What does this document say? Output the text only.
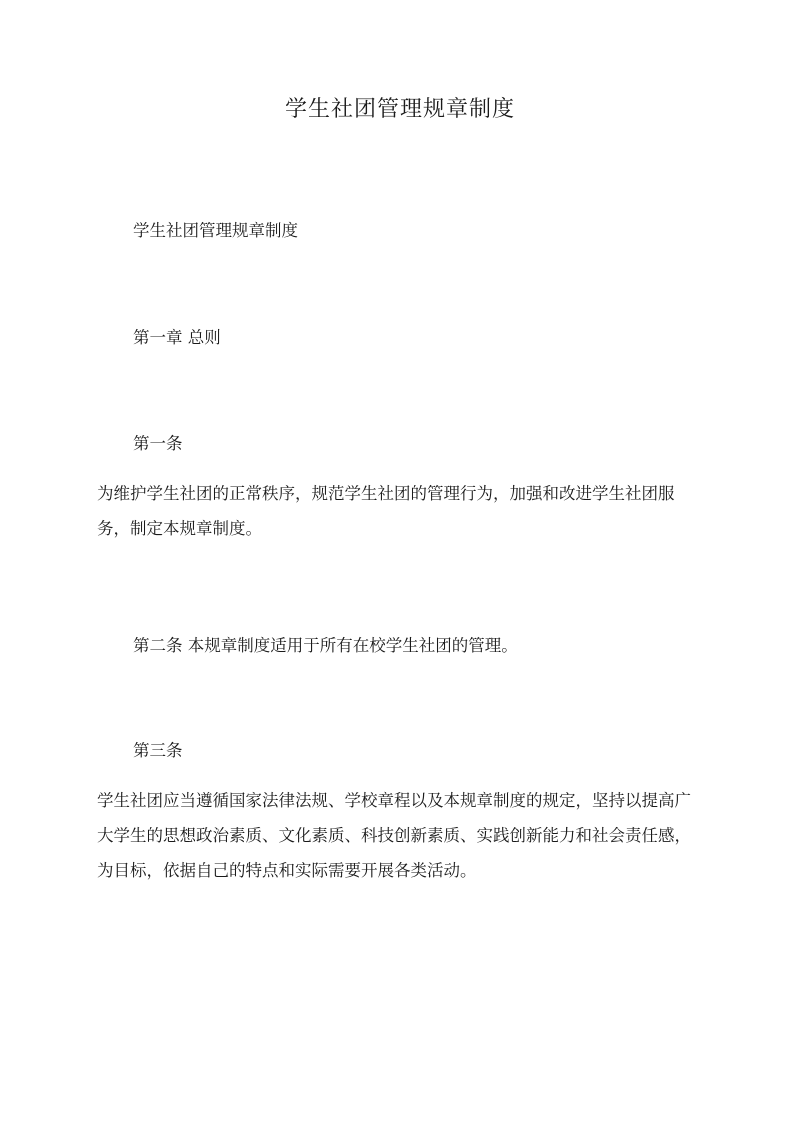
学生社团管理规章制度

学生社团管理规章制度

第一章 总则

第一条

为维护学生社团的正常秩序，规范学生社团的管理行为，加强和改进学生社团服务，制定本规章制度。

第二条 本规章制度适用于所有在校学生社团的管理。

第三条

学生社团应当遵循国家法律法规、学校章程以及本规章制度的规定，坚持以提高广大学生的思想政治素质、文化素质、科技创新素质、实践创新能力和社会责任感，为目标，依据自己的特点和实际需要开展各类活动。
